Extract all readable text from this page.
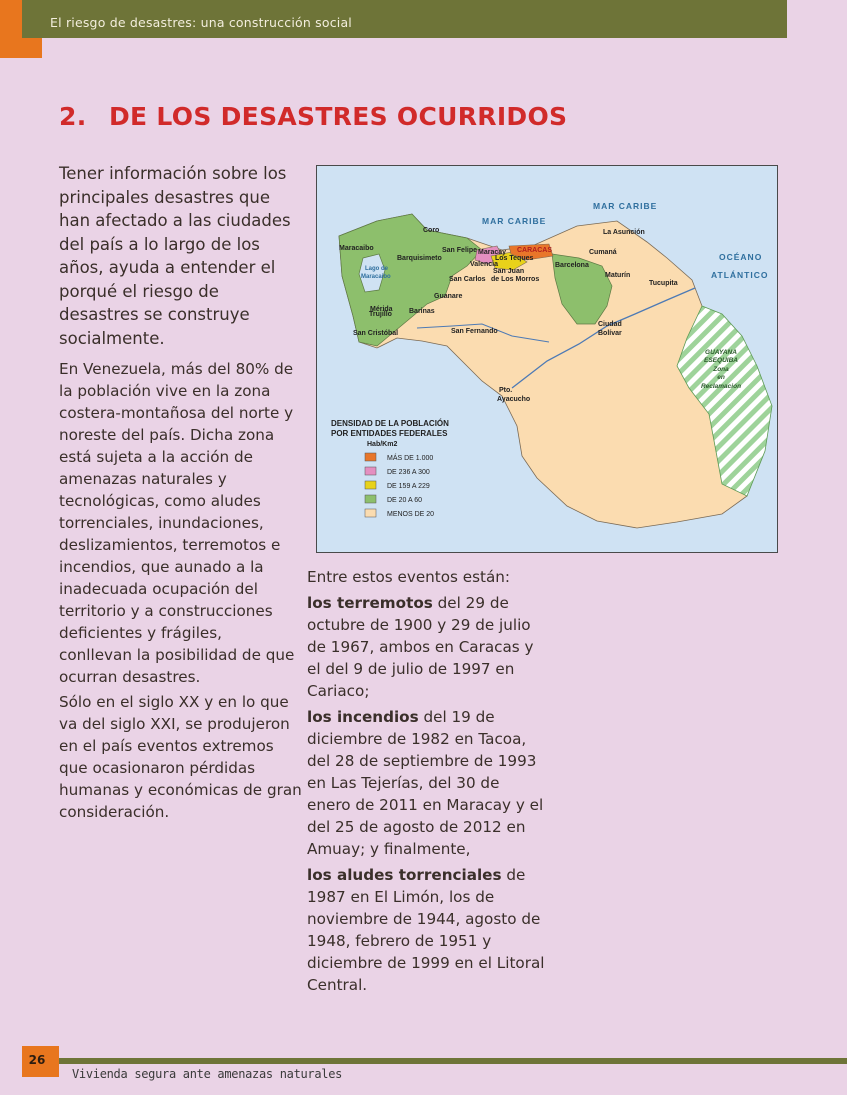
El riesgo de desastres: una construcción social
2. DE LOS DESASTRES OCURRIDOS

Tener información sobre los principales desastres que han afectado a las ciudades del país a lo largo de los años, ayuda a entender el porqué el riesgo de desastres se construye socialmente.

En Venezuela, más del 80% de la población vive en la zona costera-montañosa del norte y noreste del país. Dicha zona está sujeta a la acción de amenazas naturales y tecnológicas, como aludes torrenciales, inundaciones, deslizamientos, terremotos e incendios, que aunado a la inadecuada ocupación del territorio y a construcciones deficientes y frágiles, conllevan la posibilidad de que ocurran desastres.

Sólo en el siglo XX y en lo que va del siglo XXI, se produjeron en el país eventos extremos que ocasionaron pérdidas humanas y económicas de gran consideración.

Entre estos eventos están:

los terremotos del 29 de octubre de 1900 y 29 de julio de 1967, ambos en Caracas y el del 9 de julio de 1997 en Cariaco;

los incendios del 19 de diciembre de 1982 en Tacoa, del 28 de septiembre de 1993 en Las Tejerías, del 30 de enero de 2011 en Maracay y el del 25 de agosto de 2012 en Amuay; y finalmente,

los aludes torrenciales de 1987 en El Limón, los de noviembre de 1944, agosto de 1948, febrero de 1951 y diciembre de 1999 en el Litoral Central.

MAR CARIBE
MAR CARIBE
OCÉANO
ATLÁNTICO
Lago de
Maracaibo
Coro
Maracaibo
Barquisimeto
San Felipe Maracay CARACAS
Valencia
Los Teques
San Carlos
San Juan
de Los Morros
Barcelona
Cumaná
La Asunción
Maturín
Tucupita
Trujillo
Guanare
Mérida Barinas
San Cristóbal	San Fernando
Ciudad
Bolívar
Pto.
Ayacucho
GUAYANA
ESEQUIBA
Zona
en
Reclamación
DENSIDAD DE LA POBLACIÓN
POR ENTIDADES FEDERALES
Hab/Km2
MÁS DE 1.000
DE 236 A 300
DE 159 A 229
DE 20 A 60
MENOS DE 20
26
Vivienda segura ante amenazas naturales
